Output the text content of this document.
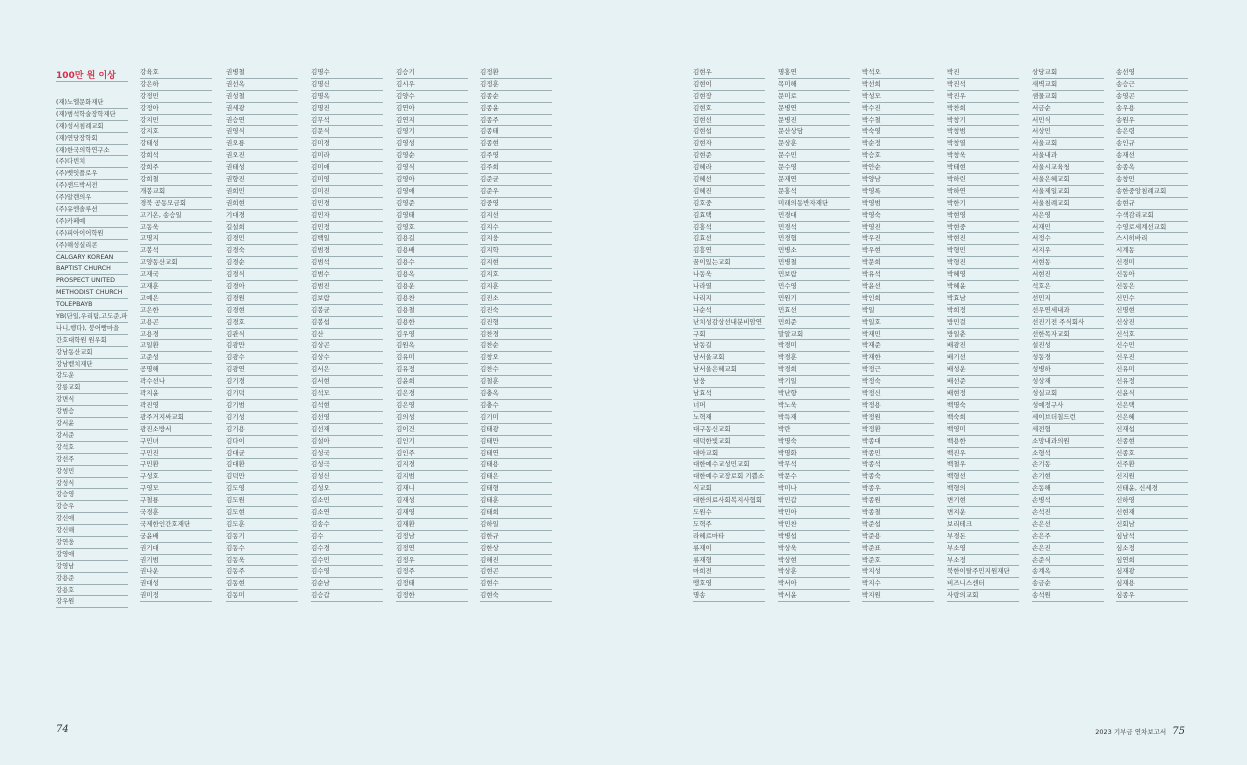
100만 원 이상
(재)노엘문화재단
(재)범석학술장학재단
(재)성서침례교회
(재)연당장학회
(재)한국의학연구소
(주)다빈치
(주)벳잇플로우
(주)샌드박서전
(주)알렌의우
(주)유엔솔루션
(주)카페예
(주)피아이어학원
(주)해성실리콘
CALGARY KOREAN
BAPTIST CHURCH
PROSPECT UNITED
METHODIST CHURCH
TOLEPBAYB
YB(단일,우리팀,고도준,파
나니,행다), 붕어빵마을
간호대학원 원우회
강남동산교회
강남벧치재단
강도운
강릉교회
강면식
강범승
강서윤
강서준
강석호
강선주
강성민
강성식
강승영
강승우
강신애
강신해
강연웅
강영애
강영남
강용준
강용호
강우원
강육호
강은하
강정민
강정아
강지민
강지호
강태성
강희석
강희주
강희철
개봉교회
경북 공동모금회
고기온, 송승일
고동욱
고명지
고봉석
고양동산교회
고재국
고재훈
고예은
고은한
고용곤
고용경
고일환
고준성
공명해
곽수선나
곽지윤
곽진영
광주거지싸교회
광진소방서
구민녀
구민진
구민환
구성호
구영모
구철룡
국경훈
국제한인간호재단
궁윤배
권기대
권기범
권나운
권대성
권미정
권병철
권선옥
권성철
권세광
권승연
권영식
권오룡
권오진
권태성
권향진
권희민
권희현
기대경
길설희
김경민
김경숙
김경순
김경식
김경아
김경원
김경현
김경호
김관식
김광만
김광수
김광연
김기경
김기덕
김기범
김기성
김기용
김다이
김대균
김대환
김덕만
김도영
김도원
김도현
김도훈
김동기
김동수
김동욱
김동주
김동현
김동미
김명수
김명신
김명옥
김명진
김무석
김문식
김미경
김미라
김미애
김미영
김미진
김민경
김민자
김민정
김백일
김범경
김범석
김범수
김범진
김보람
김봉균
김봉섭
김산
김상곤
김상수
김서은
김서현
김석모
김석현
김선영
김선재
김설아
김성국
김성극
김성신
김성오
김소민
김소연
김송수
김수
김수경
김수민
김수영
김순남
김승갑
김승기
김시우
김양수
김연아
김연지
김영기
김영성
김영순
김영식
김영아
김영애
김영준
김영태
김영호
김용길
김용배
김용수
김용옥
김용운
김용찬
김용철
김용한
김우영
김원옥
김유미
김유정
김윤희
김은경
김은영
김의성
김이건
김인기
김인주
김지경
김지범
김재니
김재성
김재영
김재환
김정남
김정연
김정우
김정주
김정태
김정한
김정환
김정훈
김종순
김종윤
김종주
김종태
김종현
김주영
김주희
김준균
김준우
김중영
김지선
김지수
김지웅
김지학
김지현
김지호
김지훈
김진소
김진숙
김진형
김찬경
김찬순
김창오
김찬수
김철훈
김충옥
김충수
김기미
김태광
김태만
김태연
김태용
김태은
김태형
김태훈
김태희
김하일
김한규
김한상
김해진
김현곤
김현수
김현숙
김현우
김현이
김현장
김현호
김현선
김현섭
김현자
김현준
김혜라
김혜선
김혜진
김호중
김효택
김홍석
김효선
김흥연
꿈이있는교회
나동욱
나라열
나리지
나순석
난치성감상선내분비암연
구회
남동길
남서울교회
남서울은혜교회
남웅
남효석
너머
노혁재
대구동신교회
대덕한빛교회
대아교회
대한예수교성민교회
대한예수교장로회 기쁨소
식교회
대한의료사회복지사협회
도원수
도혁주
라헤르마타
류재이
류재형
마희전
맹호영
명송
명홍연
목미해
문미로
문병연
문병진
문산상담
문상훈
문수민
문수영
문재연
문홍석
미래의동반자재단
민경대
민경석
민경협
민병소
민병철
민보람
민수영
민원기
민효선
민희준
말알교회
박경미
박경훈
박경희
박기일
박난향
박노욱
박득재
박란
박명숙
박명화
박무석
박문수
박미나
박민갑
박민아
박민찬
박병섭
박상욱
박상현
박상훈
박서아
박서윤
박석오
박선희
박성모
박수진
박수철
박숙영
박순정
박승호
박안순
박양남
박영록
박영범
박영숙
박영진
박우진
박우현
박문희
박유석
박윤선
박인희
박일
박일호
박재민
박재준
박재한
박정근
박정숙
박정신
박정용
박정원
박정환
박종대
박종민
박종석
박종숙
박종우
박종원
박종철
박준섭
박준용
박준표
박준호
박지성
박지수
박지원
박진
박진석
박진우
박찬희
박창기
박창범
박창열
박창욱
박태현
박하린
박하연
박한기
박현영
박현중
박현진
박형민
박형진
박혜영
박혜윤
박효남
박희정
방민걸
방일춘
배광진
배기선
배성운
배선준
배현정
백명숙
백숙희
백영미
백용한
백진우
백철우
백형선
백형의
변기현
변지운
보리테크
부경돈
부소영
부소정
북한이탈주민지원재단
비즈니스센터
사랑의교회
상당교회
새벽교회
샘물교회
서금순
서민식
서상민
서울교회
서울내과
서울시교육청
서울은혜교회
서울제일교회
서울침례교회
서은영
서재민
서정수
서지우
서현동
서현진
석호은
선민지
선우연세내과
선진기전 주식회사
선한목자교회
설진성
성동경
성병하
성상재
성실교회
성예정구사
세이브더칠드런
세전협
소망내과의원
소형석
손기동
손기현
손동해
손병석
손석진
손은선
손은주
손은진
손준식
송계옥
송금순
송석원
송선영
송승근
송영곤
송우용
송원우
송은령
송인규
송재선
송종옥
송창민
송한중앙침례교회
송현규
수색감리교회
수영로세계선교회
스시히바리
시계동
신경미
신동아
신동은
신민수
신명현
신상진
신석호
신수민
신우진
신유미
신유정
신윤식
신은택
신은혜
신재섭
신종현
신종호
신주환
신지원
신태윤, 신세경
신하영
신현재
신회남
심남석
심소정
심연희
심재광
심재용
심종우
74	2023 기부금 연차보고서 75
